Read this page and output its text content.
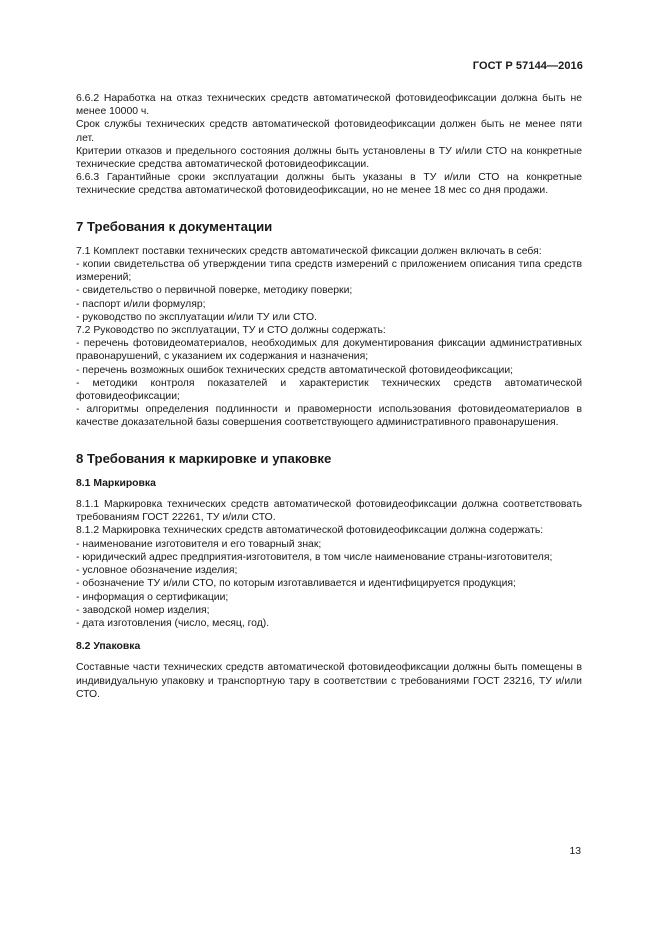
ГОСТ Р 57144—2016

6.6.2 Наработка на отказ технических средств автоматической фотовидеофиксации должна быть не менее 10000 ч.

Срок службы технических средств автоматической фотовидеофиксации должен быть не менее пяти лет.

Критерии отказов и предельного состояния должны быть установлены в ТУ и/или СТО на конкретные технические средства автоматической фотовидеофиксации.

6.6.3 Гарантийные сроки эксплуатации должны быть указаны в ТУ и/или СТО на конкретные технические средства автоматической фотовидеофиксации, но не менее 18 мес со дня продажи.

7 Требования к документации

7.1 Комплект поставки технических средств автоматической фиксации должен включать в себя:

- копии свидетельства об утверждении типа средств измерений с приложением описания типа средств измерений;

- свидетельство о первичной поверке, методику поверки;

- паспорт и/или формуляр;

- руководство по эксплуатации и/или ТУ или СТО.

7.2 Руководство по эксплуатации, ТУ и СТО должны содержать:

- перечень фотовидеоматериалов, необходимых для документирования фиксации административных правонарушений, с указанием их содержания и назначения;

- перечень возможных ошибок технических средств автоматической фотовидеофиксации;

- методики контроля показателей и характеристик технических средств автоматической фотовидеофиксации;

- алгоритмы определения подлинности и правомерности использования фотовидеоматериалов в качестве доказательной базы совершения соответствующего административного правонарушения.

8 Требования к маркировке и упаковке
8.1 Маркировка

8.1.1 Маркировка технических средств автоматической фотовидеофиксации должна соответствовать требованиям ГОСТ 22261, ТУ и/или СТО.

8.1.2 Маркировка технических средств автоматической фотовидеофиксации должна содержать:

- наименование изготовителя и его товарный знак;

- юридический адрес предприятия-изготовителя, в том числе наименование страны-изготовителя;

- условное обозначение изделия;

- обозначение ТУ и/или СТО, по которым изготавливается и идентифицируется продукция;

- информация о сертификации;

- заводской номер изделия;

- дата изготовления (число, месяц, год).

8.2 Упаковка

Составные части технических средств автоматической фотовидеофиксации должны быть помещены в индивидуальную упаковку и транспортную тару в соответствии с требованиями ГОСТ 23216, ТУ и/или СТО.

13
